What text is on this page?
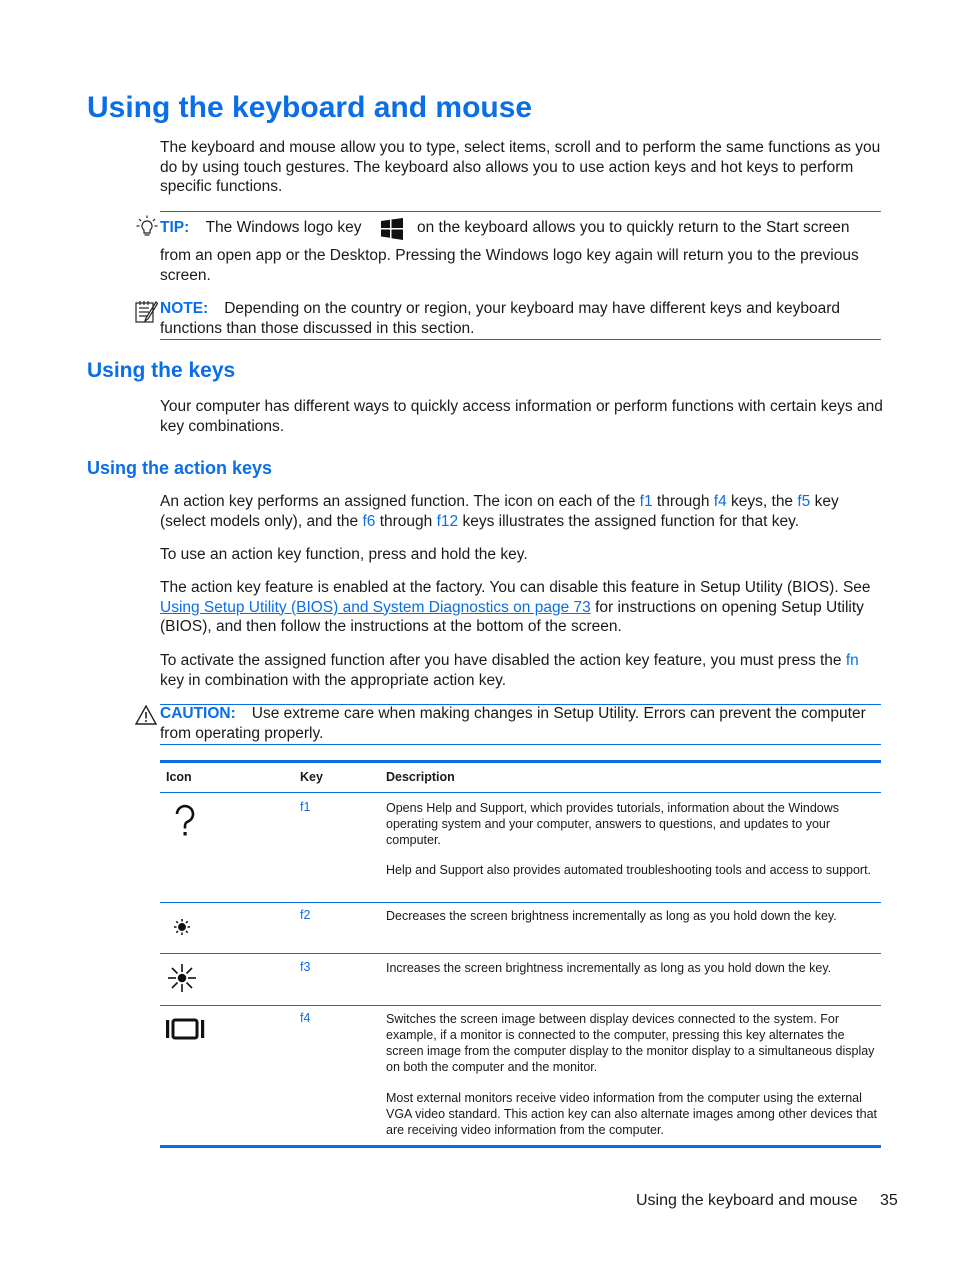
Using the keyboard and mouse

The keyboard and mouse allow you to type, select items, scroll and to perform the same functions as you do by using touch gestures. The keyboard also allows you to use action keys and hot keys to perform specific functions.

TIP: The Windows logo key	on the keyboard allows you to quickly return to the Start screen

from an open app or the Desktop. Pressing the Windows logo key again will return you to the previous screen.

NOTE: Depending on the country or region, your keyboard may have different keys and keyboard functions than those discussed in this section.

Using the keys

Your computer has different ways to quickly access information or perform functions with certain keys and key combinations.

Using the action keys

An action key performs an assigned function. The icon on each of the f1 through f4 keys, the f5 key (select models only), and the f6 through f12 keys illustrates the assigned function for that key.

To use an action key function, press and hold the key.

The action key feature is enabled at the factory. You can disable this feature in Setup Utility (BIOS). See Using Setup Utility (BIOS) and System Diagnostics on page 73 for instructions on opening Setup Utility (BIOS), and then follow the instructions at the bottom of the screen.

To activate the assigned function after you have disabled the action key feature, you must press the fn key in combination with the appropriate action key.

CAUTION: Use extreme care when making changes in Setup Utility. Errors can prevent the computer from operating properly.

Icon	Key	Description
f1	Opens Help and Support, which provides tutorials, information about the Windows operating system and your computer, answers to questions, and updates to your computer.

Help and Support also provides automated troubleshooting tools and access to support.

f2	Decreases the screen brightness incrementally as long as you hold down the key.

f3	Increases the screen brightness incrementally as long as you hold down the key.

f4	Switches the screen image between display devices connected to the system. For example, if a monitor is connected to the computer, pressing this key alternates the screen image from the computer display to the monitor display to a simultaneous display on both the computer and the monitor.

Most external monitors receive video information from the computer using the external VGA video standard. This action key can also alternate images among other devices that are receiving video information from the computer.

Using the keyboard and mouse 35
